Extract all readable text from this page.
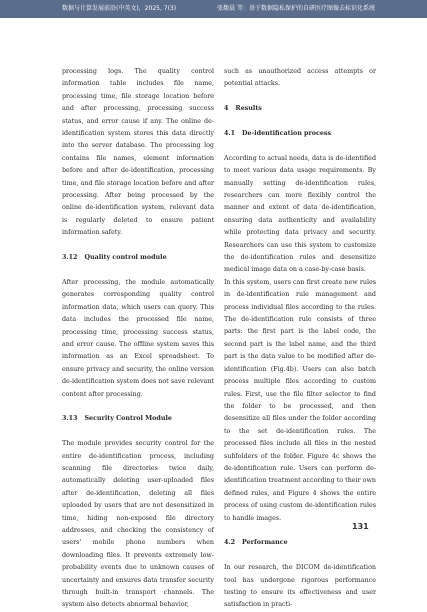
数据与计算发展前沿(中英文)，2025, 7(3)	张馥晨 等：基于数据隐私保护的自研医疗图像去标识化系统

processing logs. The quality control information table includes file name, processing time, file storage location before and after processing, processing success status, and error cause if any. The online de-identification system stores this data directly into the server database. The processing log contains file names, element information before and after de-identification, processing time, and file storage location before and after processing. After being processed by the online de-identification system, relevant data is regularly deleted to ensure patient information safety.

3.12 Quality control module

After processing, the module automatically generates corresponding quality control information data, which users can query. This data includes the processed file name, processing time, processing success status, and error cause. The offline system saves this information as an Excel spreadsheet. To ensure privacy and security, the online version de-identification system does not save relevant content after processing.

3.13 Security Control Module

The module provides security control for the entire de-identification process, including scanning file directories twice daily, automatically deleting user-uploaded files after de-identification, deleting all files uploaded by users that are not desensitized in time, hiding non-exposed file directory addresses, and checking the consistency of users' mobile phone numbers when downloading files. It prevents extremely low-probability events due to unknown causes of uncertainty and ensures data transfer security through built-in transport channels. The system also detects abnormal behavior,

such as unauthorized access attempts or potential attacks.

4 Results
4.1 De-identification process

According to actual needs, data is de-identified to meet various data usage requirements. By manually setting de-identification rules, researchers can more flexibly control the manner and extent of data de-identification, ensuring data authenticity and availability while protecting data privacy and security. Researchers can use this system to customize the de-identification rules and desensitize medical image data on a case-by-case basis.

In this system, users can first create new rules in de-identification rule management and process individual files according to the rules. The de-identification rule consists of three parts: the first part is the label code, the second part is the label name, and the third part is the data value to be modified after de-identification (Fig.4b). Users can also batch process multiple files according to custom rules. First, use the file filter selector to find the folder to be processed, and then desensitize all files under the folder according to the set de-identification rules. The processed files include all files in the nested subfolders of the folder. Figure 4c shows the de-identification rule. Users can perform de-identification treatment according to their own defined rules, and Figure 4 shows the entire process of using custom de-identification rules to handle images.

4.2 Performance

In our research, the DICOM de-identification tool has undergone rigorous performance testing to ensure its effectiveness and user satisfaction in practi-

131
